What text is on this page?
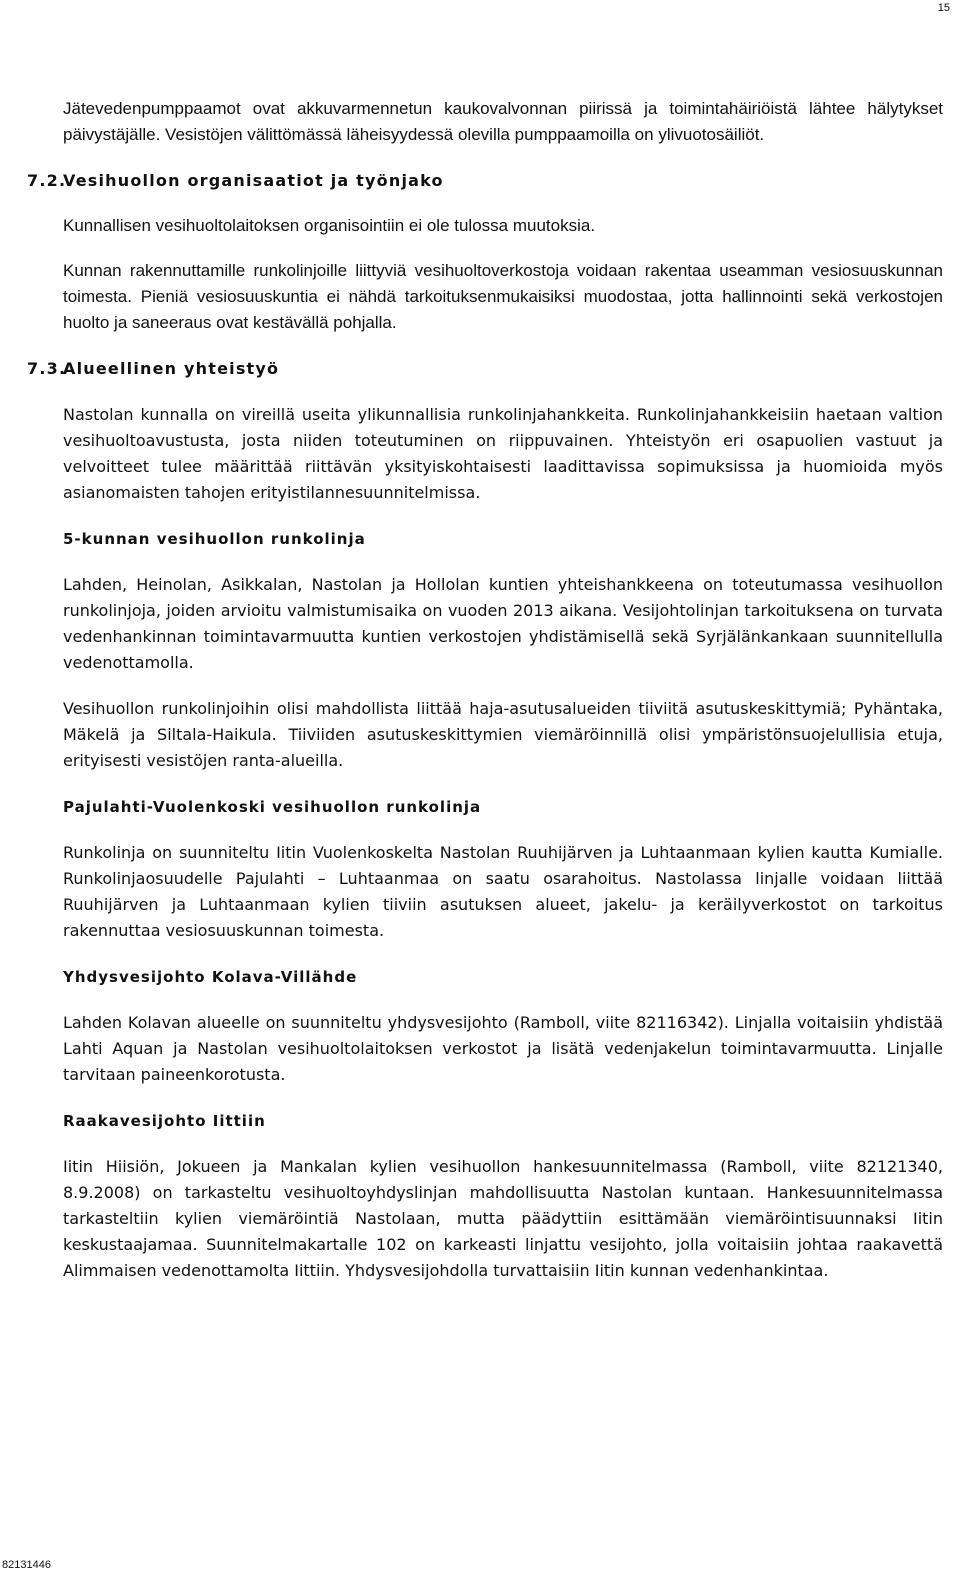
15

Jätevedenpumppaamot ovat akkuvarmennetun kaukovalvonnan piirissä ja toimintahäiriöistä lähtee hälytykset päivystäjälle. Vesistöjen välittömässä läheisyydessä olevilla pumppaamoilla on ylivuotosäiliöt.

7.2.
Vesihuollon organisaatiot ja työnjako

Kunnallisen vesihuoltolaitoksen organisointiin ei ole tulossa muutoksia.

Kunnan rakennuttamille runkolinjoille liittyviä vesihuoltoverkostoja voidaan rakentaa useamman vesiosuuskunnan toimesta. Pieniä vesiosuuskuntia ei nähdä tarkoituksenmukaisiksi muodostaa, jotta hallinnointi sekä verkostojen huolto ja saneeraus ovat kestävällä pohjalla.

7.3.
Alueellinen yhteistyö

Nastolan kunnalla on vireillä useita ylikunnallisia runkolinjahankkeita. Runkolinjahankkeisiin haetaan valtion vesihuoltoavustusta, josta niiden toteutuminen on riippuvainen. Yhteistyön eri osapuolien vastuut ja velvoitteet tulee määrittää riittävän yksityiskohtaisesti laadittavissa sopimuksissa ja huomioida myös asianomaisten tahojen erityistilannesuunnitelmissa.

5-kunnan vesihuollon runkolinja

Lahden, Heinolan, Asikkalan, Nastolan ja Hollolan kuntien yhteishankkeena on toteutumassa vesihuollon runkolinjoja, joiden arvioitu valmistumisaika on vuoden 2013 aikana. Vesijohtolinjan tarkoituksena on turvata vedenhankinnan toimintavarmuutta kuntien verkostojen yhdistämisellä sekä Syrjälänkankaan suunnitellulla vedenottamolla.

Vesihuollon runkolinjoihin olisi mahdollista liittää haja-asutusalueiden tiiviitä asutuskeskittymiä; Pyhäntaka, Mäkelä ja Siltala-Haikula. Tiiviiden asutuskeskittymien viemäröinnillä olisi ympäristönsuojelullisia etuja, erityisesti vesistöjen ranta-alueilla.

Pajulahti-Vuolenkoski vesihuollon runkolinja

Runkolinja on suunniteltu Iitin Vuolenkoskelta Nastolan Ruuhijärven ja Luhtaanmaan kylien kautta Kumialle. Runkolinjaosuudelle Pajulahti – Luhtaanmaa on saatu osarahoitus. Nastolassa linjalle voidaan liittää Ruuhijärven ja Luhtaanmaan kylien tiiviin asutuksen alueet, jakelu- ja keräilyverkostot on tarkoitus rakennuttaa vesiosuuskunnan toimesta.

Yhdysvesijohto Kolava-Villähde

Lahden Kolavan alueelle on suunniteltu yhdysvesijohto (Ramboll, viite 82116342). Linjalla voitaisiin yhdistää Lahti Aquan ja Nastolan vesihuoltolaitoksen verkostot ja lisätä vedenjakelun toimintavarmuutta. Linjalle tarvitaan paineenkorotusta.

Raakavesijohto Iittiin

Iitin Hiisiön, Jokueen ja Mankalan kylien vesihuollon hankesuunnitelmassa (Ramboll, viite 82121340, 8.9.2008) on tarkasteltu vesihuoltoyhdyslinjan mahdollisuutta Nastolan kuntaan. Hankesuunnitelmassa tarkasteltiin kylien viemäröintiä Nastolaan, mutta päädyttiin esittämään viemäröintisuunnaksi Iitin keskustaajamaa. Suunnitelmakartalle 102 on karkeasti linjattu vesijohto, jolla voitaisiin johtaa raakavettä Alimmaisen vedenottamolta Iittiin. Yhdysvesijohdolla turvattaisiin Iitin kunnan vedenhankintaa.

82131446
